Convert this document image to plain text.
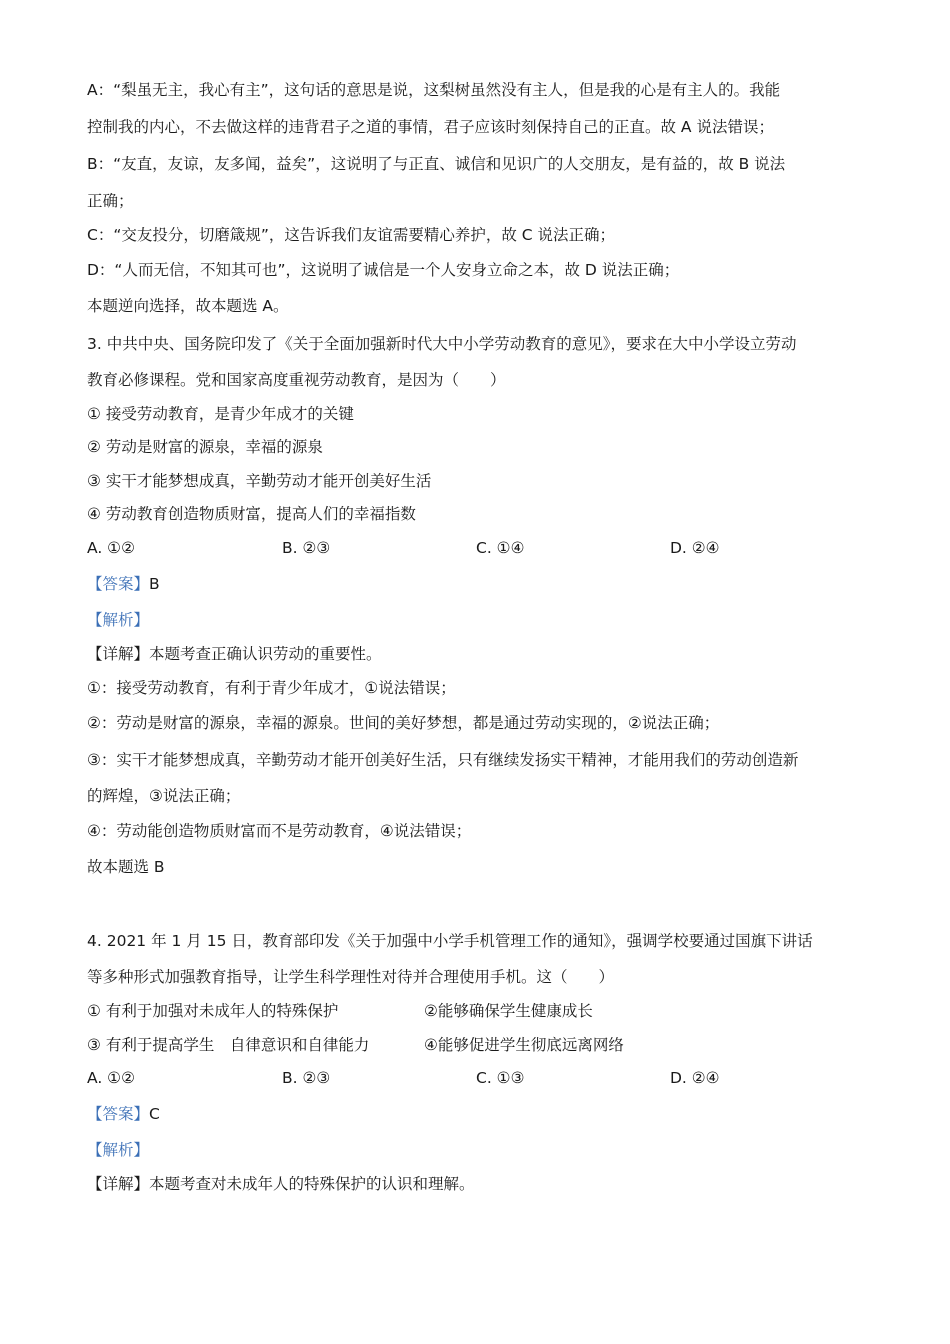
A：“梨虽无主，我心有主”，这句话的意思是说，这梨树虽然没有主人，但是我的心是有主人的。我能
控制我的内心，不去做这样的违背君子之道的事情，君子应该时刻保持自己的正直。故 A 说法错误；
B：“友直，友谅，友多闻，益矣”，这说明了与正直、诚信和见识广的人交朋友，是有益的，故 B 说法
正确；
C：“交友投分，切磨箴规”，这告诉我们友谊需要精心养护，故 C 说法正确；
D：“人而无信，不知其可也”，这说明了诚信是一个人安身立命之本，故 D 说法正确；
本题逆向选择，故本题选 A。
3. 中共中央、国务院印发了《关于全面加强新时代大中小学劳动教育的意见》，要求在大中小学设立劳动
教育必修课程。党和国家高度重视劳动教育，是因为（　　）
① 接受劳动教育，是青少年成才的关键
② 劳动是财富的源泉，幸福的源泉
③ 实干才能梦想成真，辛勤劳动才能开创美好生活
④ 劳动教育创造物质财富，提高人们的幸福指数
A. ①②	B. ②③	C. ①④	D. ②④
【答案】B
【解析】
【详解】本题考查正确认识劳动的重要性。
①：接受劳动教育，有利于青少年成才，①说法错误；
②：劳动是财富的源泉，幸福的源泉。世间的美好梦想，都是通过劳动实现的，②说法正确；
③：实干才能梦想成真，辛勤劳动才能开创美好生活，只有继续发扬实干精神，才能用我们的劳动创造新
的辉煌，③说法正确；
④：劳动能创造物质财富而不是劳动教育，④说法错误；
故本题选 B
4. 2021 年 1 月 15 日，教育部印发《关于加强中小学手机管理工作的通知》，强调学校要通过国旗下讲话
等多种形式加强教育指导，让学生科学理性对待并合理使用手机。这（　　）
① 有利于加强对未成年人的特殊保护	②能够确保学生健康成长
③ 有利于提高学生　自律意识和自律能力	④能够促进学生彻底远离网络
A. ①②	B. ②③	C. ①③	D. ②④
【答案】C
【解析】
【详解】本题考查对未成年人的特殊保护的认识和理解。
